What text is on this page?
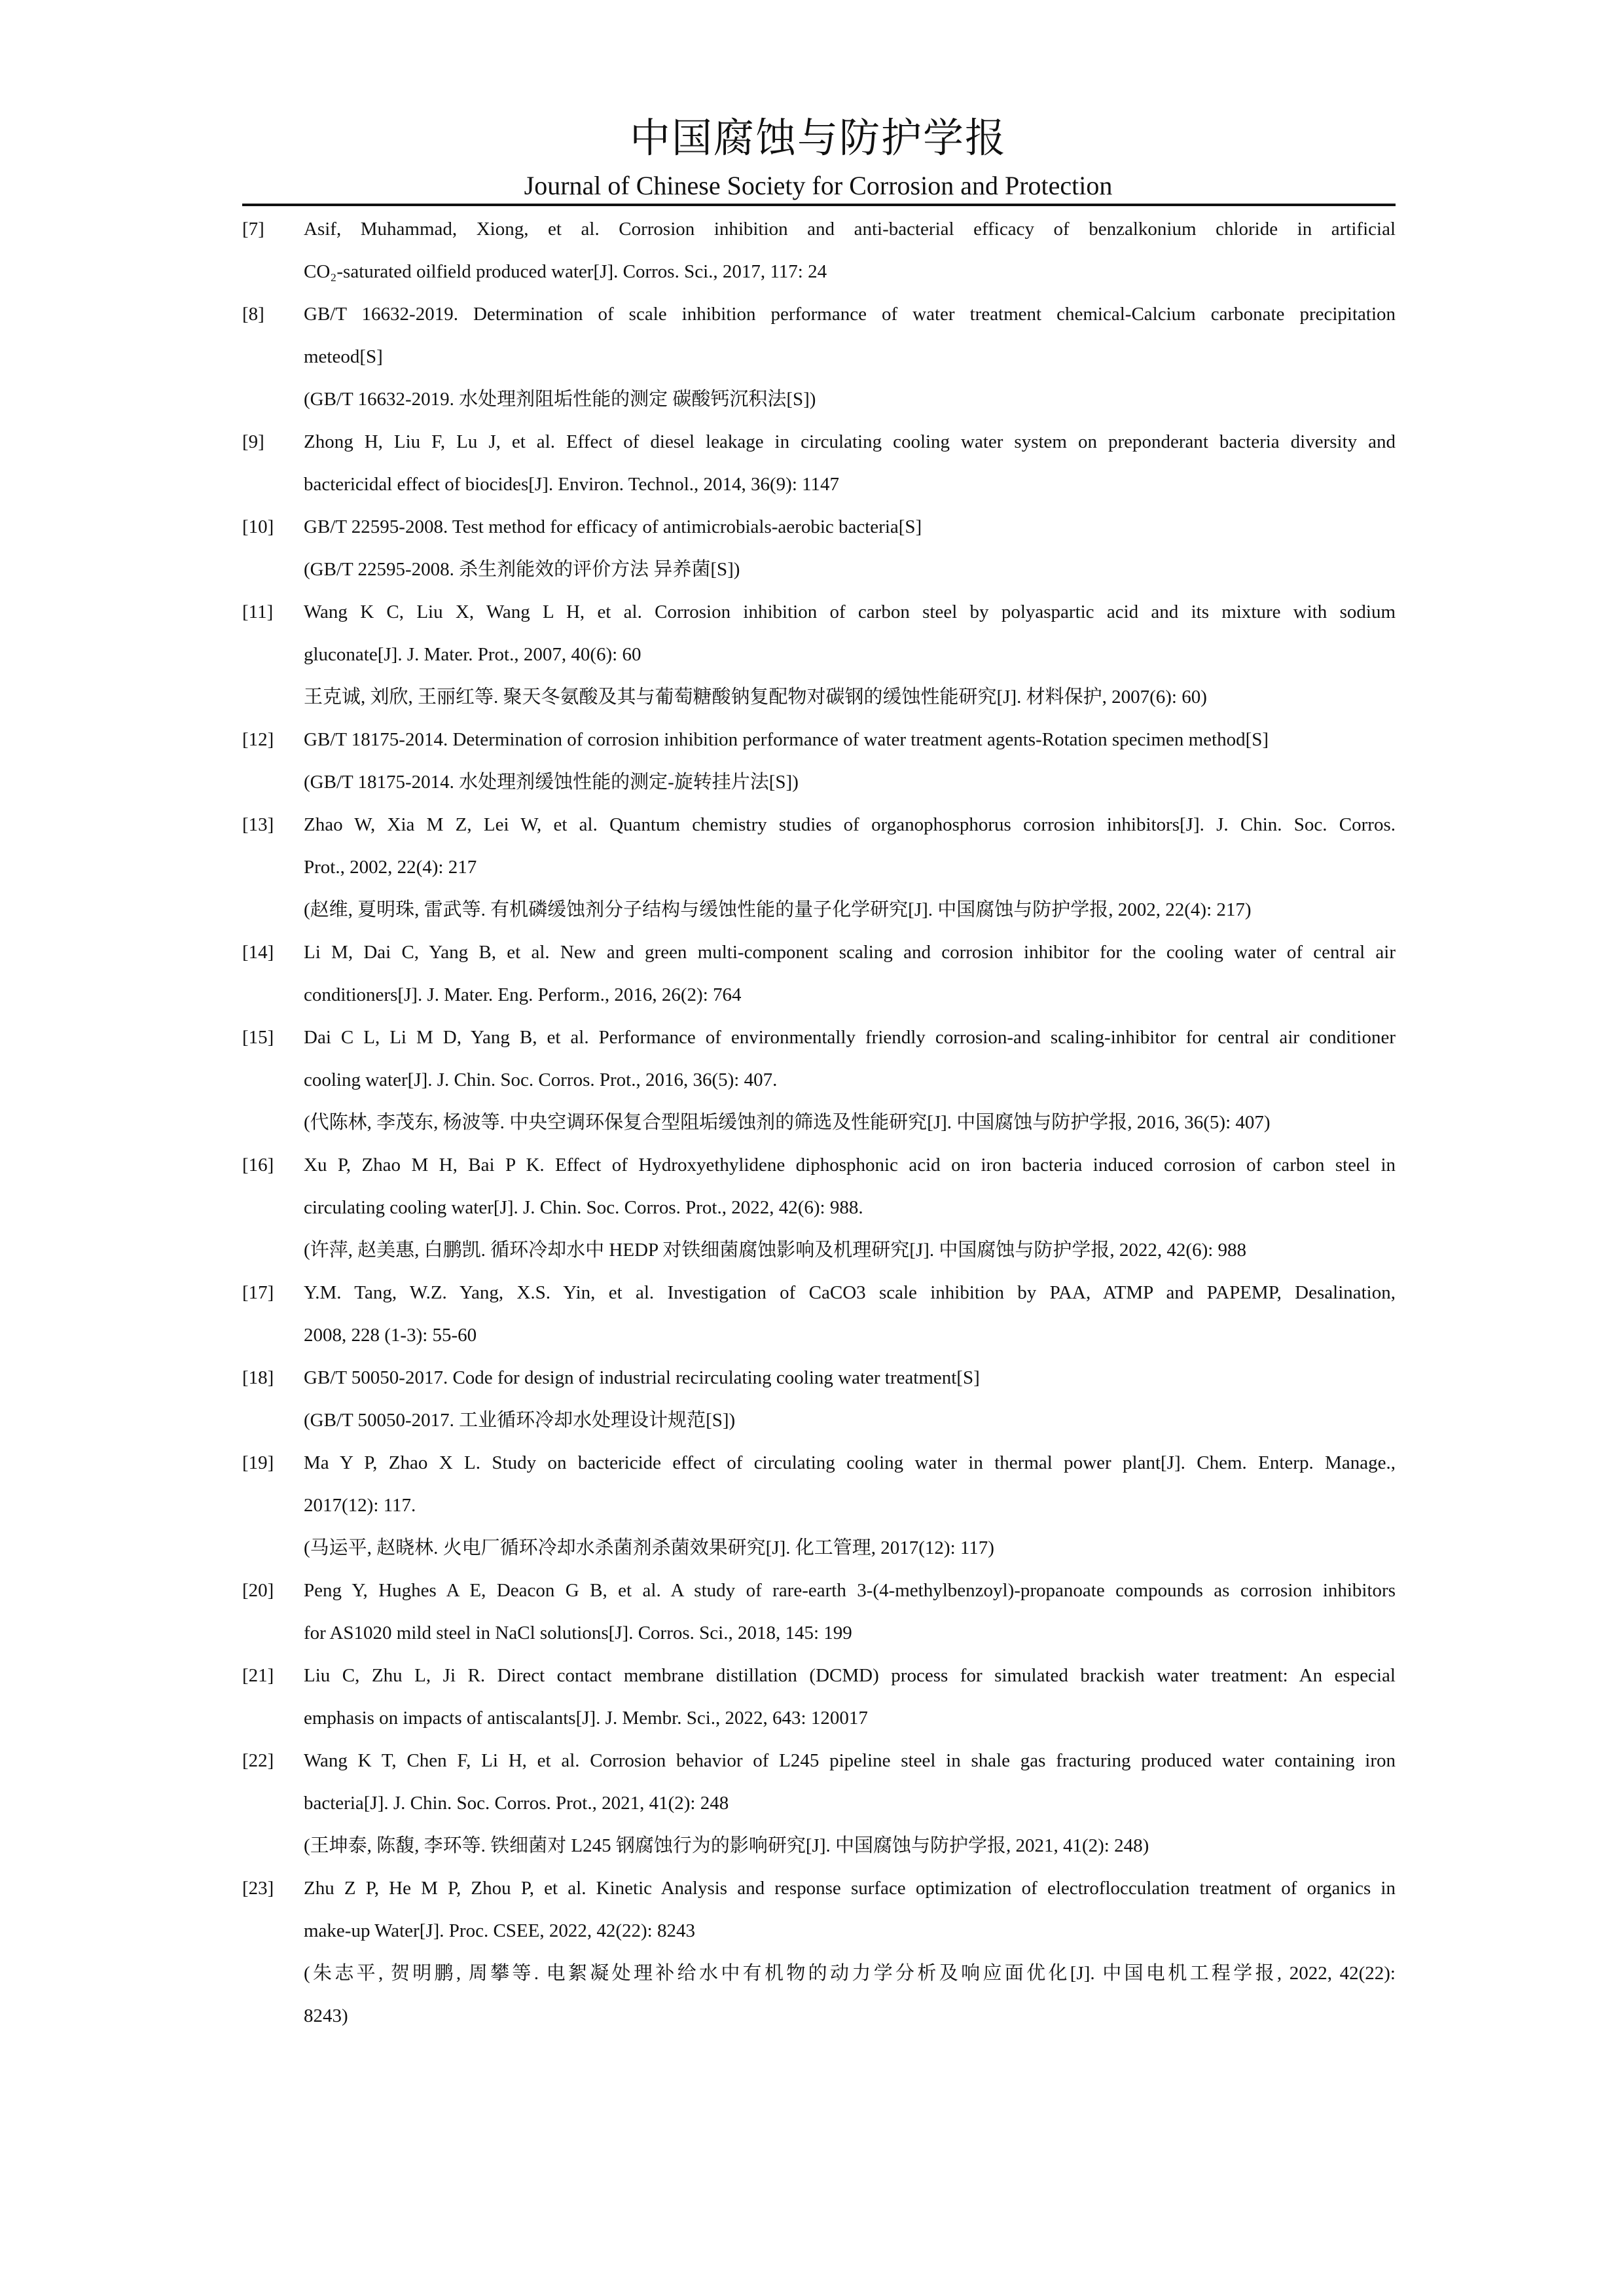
中国腐蚀与防护学报
Journal of Chinese Society for Corrosion and Protection
[7] Asif, Muhammad, Xiong, et al. Corrosion inhibition and anti-bacterial efficacy of benzalkonium chloride in artificial
CO₂-saturated oilfield produced water[J]. Corros. Sci., 2017, 117: 24
[8] GB/T 16632-2019. Determination of scale inhibition performance of water treatment chemical-Calcium carbonate precipitation
meteod[S]
(GB/T 16632-2019. 水处理剂阻垢性能的测定 碳酸钙沉积法[S])
[9] Zhong H, Liu F, Lu J, et al. Effect of diesel leakage in circulating cooling water system on preponderant bacteria diversity and
bactericidal effect of biocides[J]. Environ. Technol., 2014, 36(9): 1147
[10] GB/T 22595-2008. Test method for efficacy of antimicrobials-aerobic bacteria[S]
(GB/T 22595-2008. 杀生剂能效的评价方法 异养菌[S])
[11] Wang K C, Liu X, Wang L H, et al. Corrosion inhibition of carbon steel by polyaspartic acid and its mixture with sodium
gluconate[J]. J. Mater. Prot., 2007, 40(6): 60
王克诚, 刘欣, 王丽红等. 聚天冬氨酸及其与葡萄糖酸钠复配物对碳钢的缓蚀性能研究[J]. 材料保护, 2007(6): 60)
[12] GB/T 18175-2014. Determination of corrosion inhibition performance of water treatment agents-Rotation specimen method[S]
(GB/T 18175-2014. 水处理剂缓蚀性能的测定-旋转挂片法[S])
[13] Zhao W, Xia M Z, Lei W, et al. Quantum chemistry studies of organophosphorus corrosion inhibitors[J]. J. Chin. Soc. Corros.
Prot., 2002, 22(4): 217
(赵维, 夏明珠, 雷武等. 有机磷缓蚀剂分子结构与缓蚀性能的量子化学研究[J]. 中国腐蚀与防护学报, 2002, 22(4): 217)
[14] Li M, Dai C, Yang B, et al. New and green multi-component scaling and corrosion inhibitor for the cooling water of central air
conditioners[J]. J. Mater. Eng. Perform., 2016, 26(2): 764
[15] Dai C L, Li M D, Yang B, et al. Performance of environmentally friendly corrosion-and scaling-inhibitor for central air conditioner
cooling water[J]. J. Chin. Soc. Corros. Prot., 2016, 36(5): 407.
(代陈林, 李茂东, 杨波等. 中央空调环保复合型阻垢缓蚀剂的筛选及性能研究[J]. 中国腐蚀与防护学报, 2016, 36(5): 407)
[16] Xu P, Zhao M H, Bai P K. Effect of Hydroxyethylidene diphosphonic acid on iron bacteria induced corrosion of carbon steel in
circulating cooling water[J]. J. Chin. Soc. Corros. Prot., 2022, 42(6): 988.
(许萍, 赵美惠, 白鹏凯. 循环冷却水中 HEDP 对铁细菌腐蚀影响及机理研究[J]. 中国腐蚀与防护学报, 2022, 42(6): 988
[17] Y.M. Tang, W.Z. Yang, X.S. Yin, et al. Investigation of CaCO3 scale inhibition by PAA, ATMP and PAPEMP, Desalination,
2008, 228 (1-3): 55-60
[18] GB/T 50050-2017. Code for design of industrial recirculating cooling water treatment[S]
(GB/T 50050-2017. 工业循环冷却水处理设计规范[S])
[19] Ma Y P, Zhao X L. Study on bactericide effect of circulating cooling water in thermal power plant[J]. Chem. Enterp. Manage.,
2017(12): 117.
(马运平, 赵晓林. 火电厂循环冷却水杀菌剂杀菌效果研究[J]. 化工管理, 2017(12): 117)
[20] Peng Y, Hughes A E, Deacon G B, et al. A study of rare-earth 3-(4-methylbenzoyl)-propanoate compounds as corrosion inhibitors
for AS1020 mild steel in NaCl solutions[J]. Corros. Sci., 2018, 145: 199
[21] Liu C, Zhu L, Ji R. Direct contact membrane distillation (DCMD) process for simulated brackish water treatment: An especial
emphasis on impacts of antiscalants[J]. J. Membr. Sci., 2022, 643: 120017
[22] Wang K T, Chen F, Li H, et al. Corrosion behavior of L245 pipeline steel in shale gas fracturing produced water containing iron
bacteria[J]. J. Chin. Soc. Corros. Prot., 2021, 41(2): 248
(王坤泰, 陈馥, 李环等. 铁细菌对 L245 钢腐蚀行为的影响研究[J]. 中国腐蚀与防护学报, 2021, 41(2): 248)
[23] Zhu Z P, He M P, Zhou P, et al. Kinetic Analysis and response surface optimization of electroflocculation treatment of organics in
make-up Water[J]. Proc. CSEE, 2022, 42(22): 8243
(朱志平, 贺明鹏, 周攀等. 电絮凝处理补给水中有机物的动力学分析及响应面优化[J]. 中国电机工程学报, 2022, 42(22):
8243)
